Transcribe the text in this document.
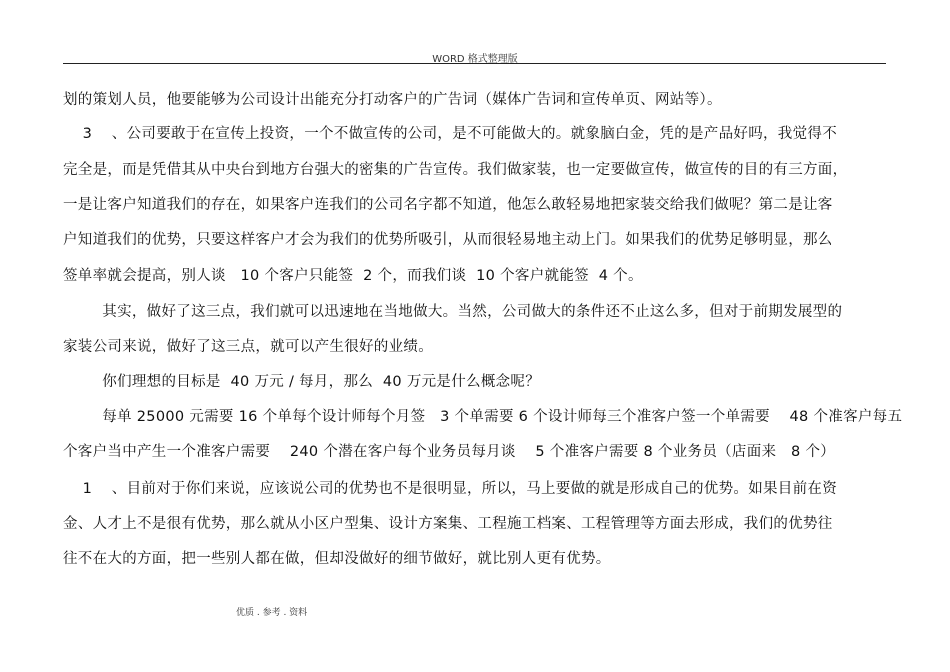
WORD 格式整理版
划的策划人员，他要能够为公司设计出能充分打动客户的广告词（媒体广告词和宣传单页、网站等）。
3    、公司要敢于在宣传上投资，一个不做宣传的公司，是不可能做大的。就象脑白金，凭的是产品好吗，我觉得不
完全是，而是凭借其从中央台到地方台强大的密集的广告宣传。我们做家装，也一定要做宣传，做宣传的目的有三方面，
一是让客户知道我们的存在，如果客户连我们的公司名字都不知道，他怎么敢轻易地把家装交给我们做呢？第二是让客
户知道我们的优势，只要这样客户才会为我们的优势所吸引，从而很轻易地主动上门。如果我们的优势足够明显，那么
签单率就会提高，别人谈   10 个客户只能签  2 个，而我们谈  10 个客户就能签  4 个。
其实，做好了这三点，我们就可以迅速地在当地做大。当然，公司做大的条件还不止这么多，但对于前期发展型的
家装公司来说，做好了这三点，就可以产生很好的业绩。
你们理想的目标是  40 万元 / 每月，那么  40 万元是什么概念呢？
每单 25000 元需要 16 个单每个设计师每个月签   3 个单需要 6 个设计师每三个准客户签一个单需要    48 个准客户每五
个客户当中产生一个准客户需要    240 个潜在客户每个业务员每月谈    5 个准客户需要 8 个业务员（店面来   8 个）
1    、目前对于你们来说，应该说公司的优势也不是很明显，所以，马上要做的就是形成自己的优势。如果目前在资
金、人才上不是很有优势，那么就从小区户型集、设计方案集、工程施工档案、工程管理等方面去形成，我们的优势往
往不在大的方面，把一些别人都在做，但却没做好的细节做好，就比别人更有优势。
优质 . 参考 . 资料
